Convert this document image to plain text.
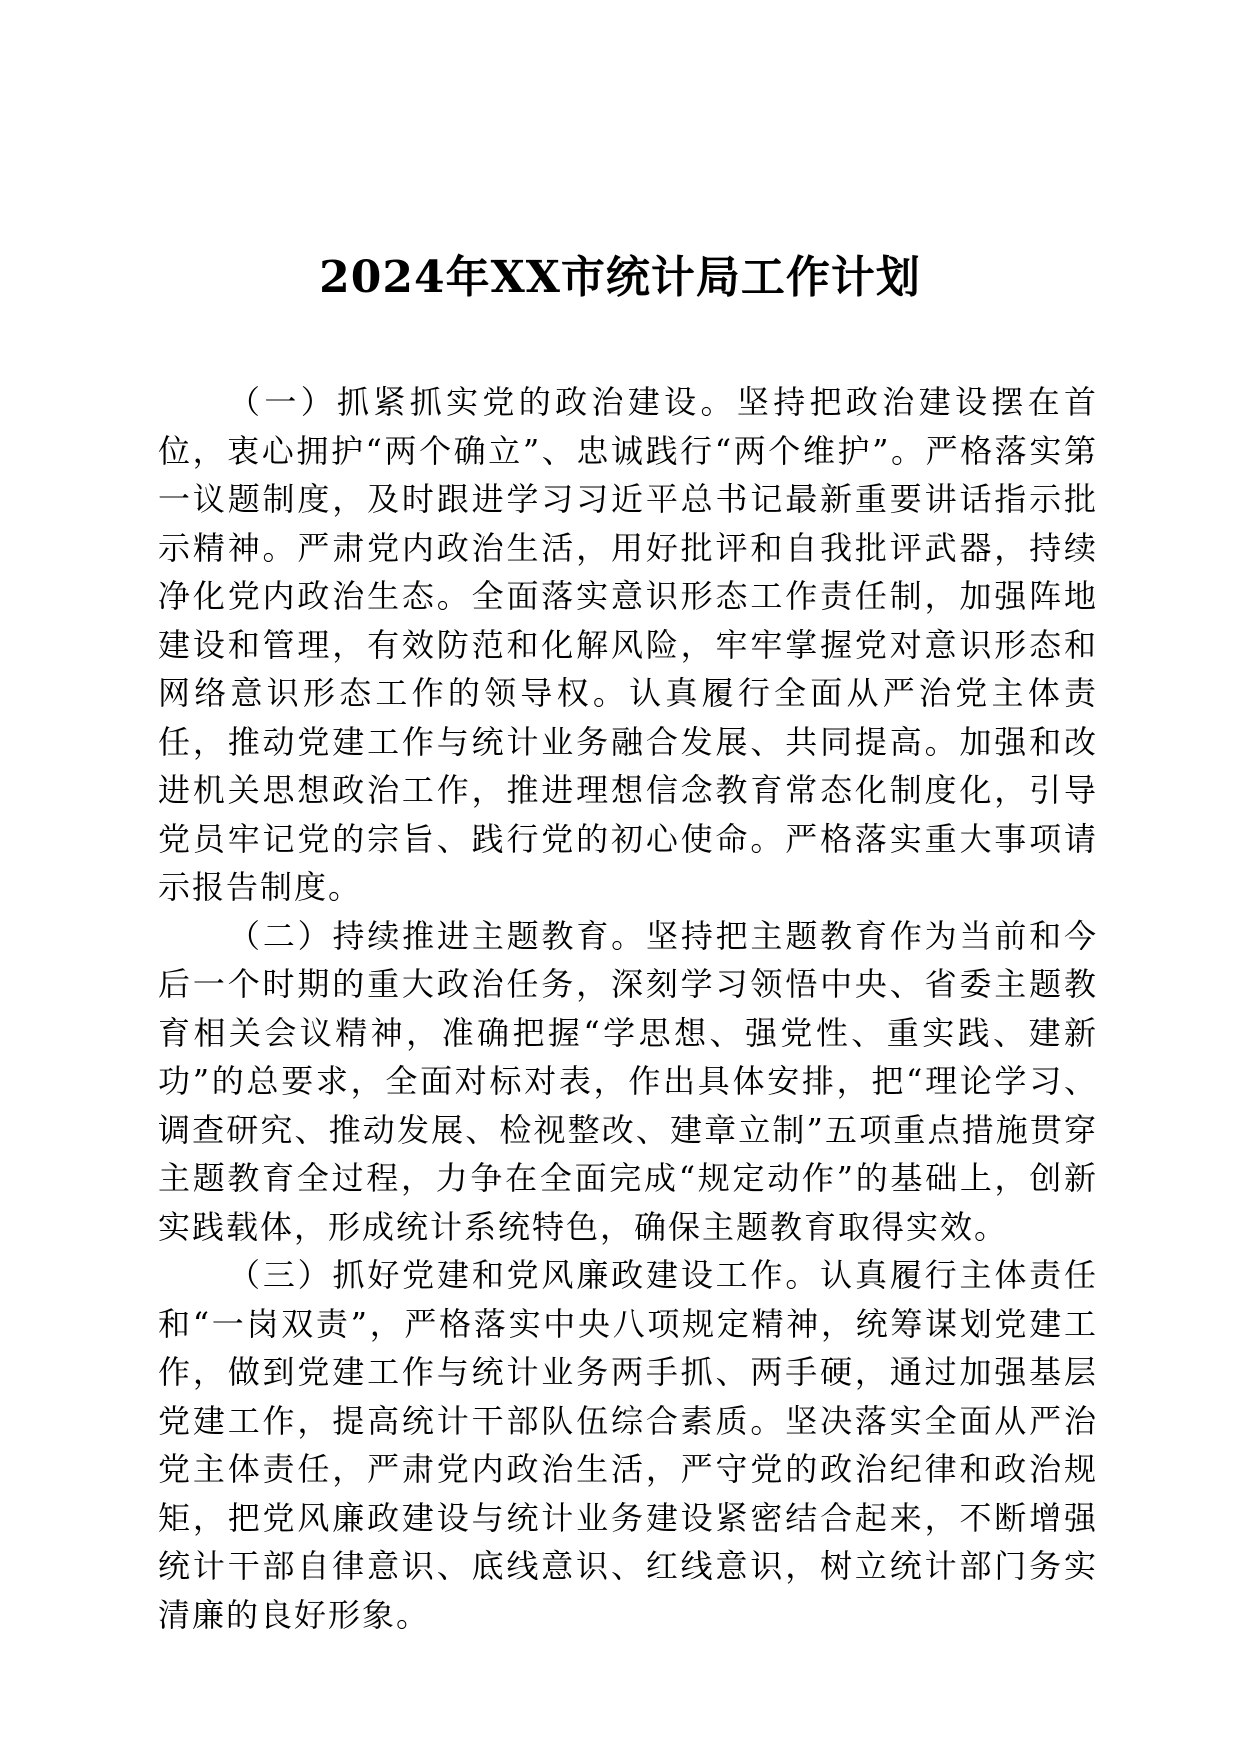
2024年XX市统计局工作计划

（一）抓紧抓实党的政治建设。坚持把政治建设摆在首位，衷心拥护“两个确立”、忠诚践行“两个维护”。严格落实第一议题制度，及时跟进学习习近平总书记最新重要讲话指示批示精神。严肃党内政治生活，用好批评和自我批评武器，持续净化党内政治生态。全面落实意识形态工作责任制，加强阵地建设和管理，有效防范和化解风险，牢牢掌握党对意识形态和网络意识形态工作的领导权。认真履行全面从严治党主体责任，推动党建工作与统计业务融合发展、共同提高。加强和改进机关思想政治工作，推进理想信念教育常态化制度化，引导党员牢记党的宗旨、践行党的初心使命。严格落实重大事项请示报告制度。

（二）持续推进主题教育。坚持把主题教育作为当前和今后一个时期的重大政治任务，深刻学习领悟中央、省委主题教育相关会议精神，准确把握“学思想、强党性、重实践、建新功”的总要求，全面对标对表，作出具体安排，把“理论学习、调查研究、推动发展、检视整改、建章立制”五项重点措施贯穿主题教育全过程，力争在全面完成“规定动作”的基础上，创新实践载体，形成统计系统特色，确保主题教育取得实效。

（三）抓好党建和党风廉政建设工作。认真履行主体责任和“一岗双责”，严格落实中央八项规定精神，统筹谋划党建工作，做到党建工作与统计业务两手抓、两手硬，通过加强基层党建工作，提高统计干部队伍综合素质。坚决落实全面从严治党主体责任，严肃党内政治生活，严守党的政治纪律和政治规矩，把党风廉政建设与统计业务建设紧密结合起来，不断增强统计干部自律意识、底线意识、红线意识，树立统计部门务实清廉的良好形象。
